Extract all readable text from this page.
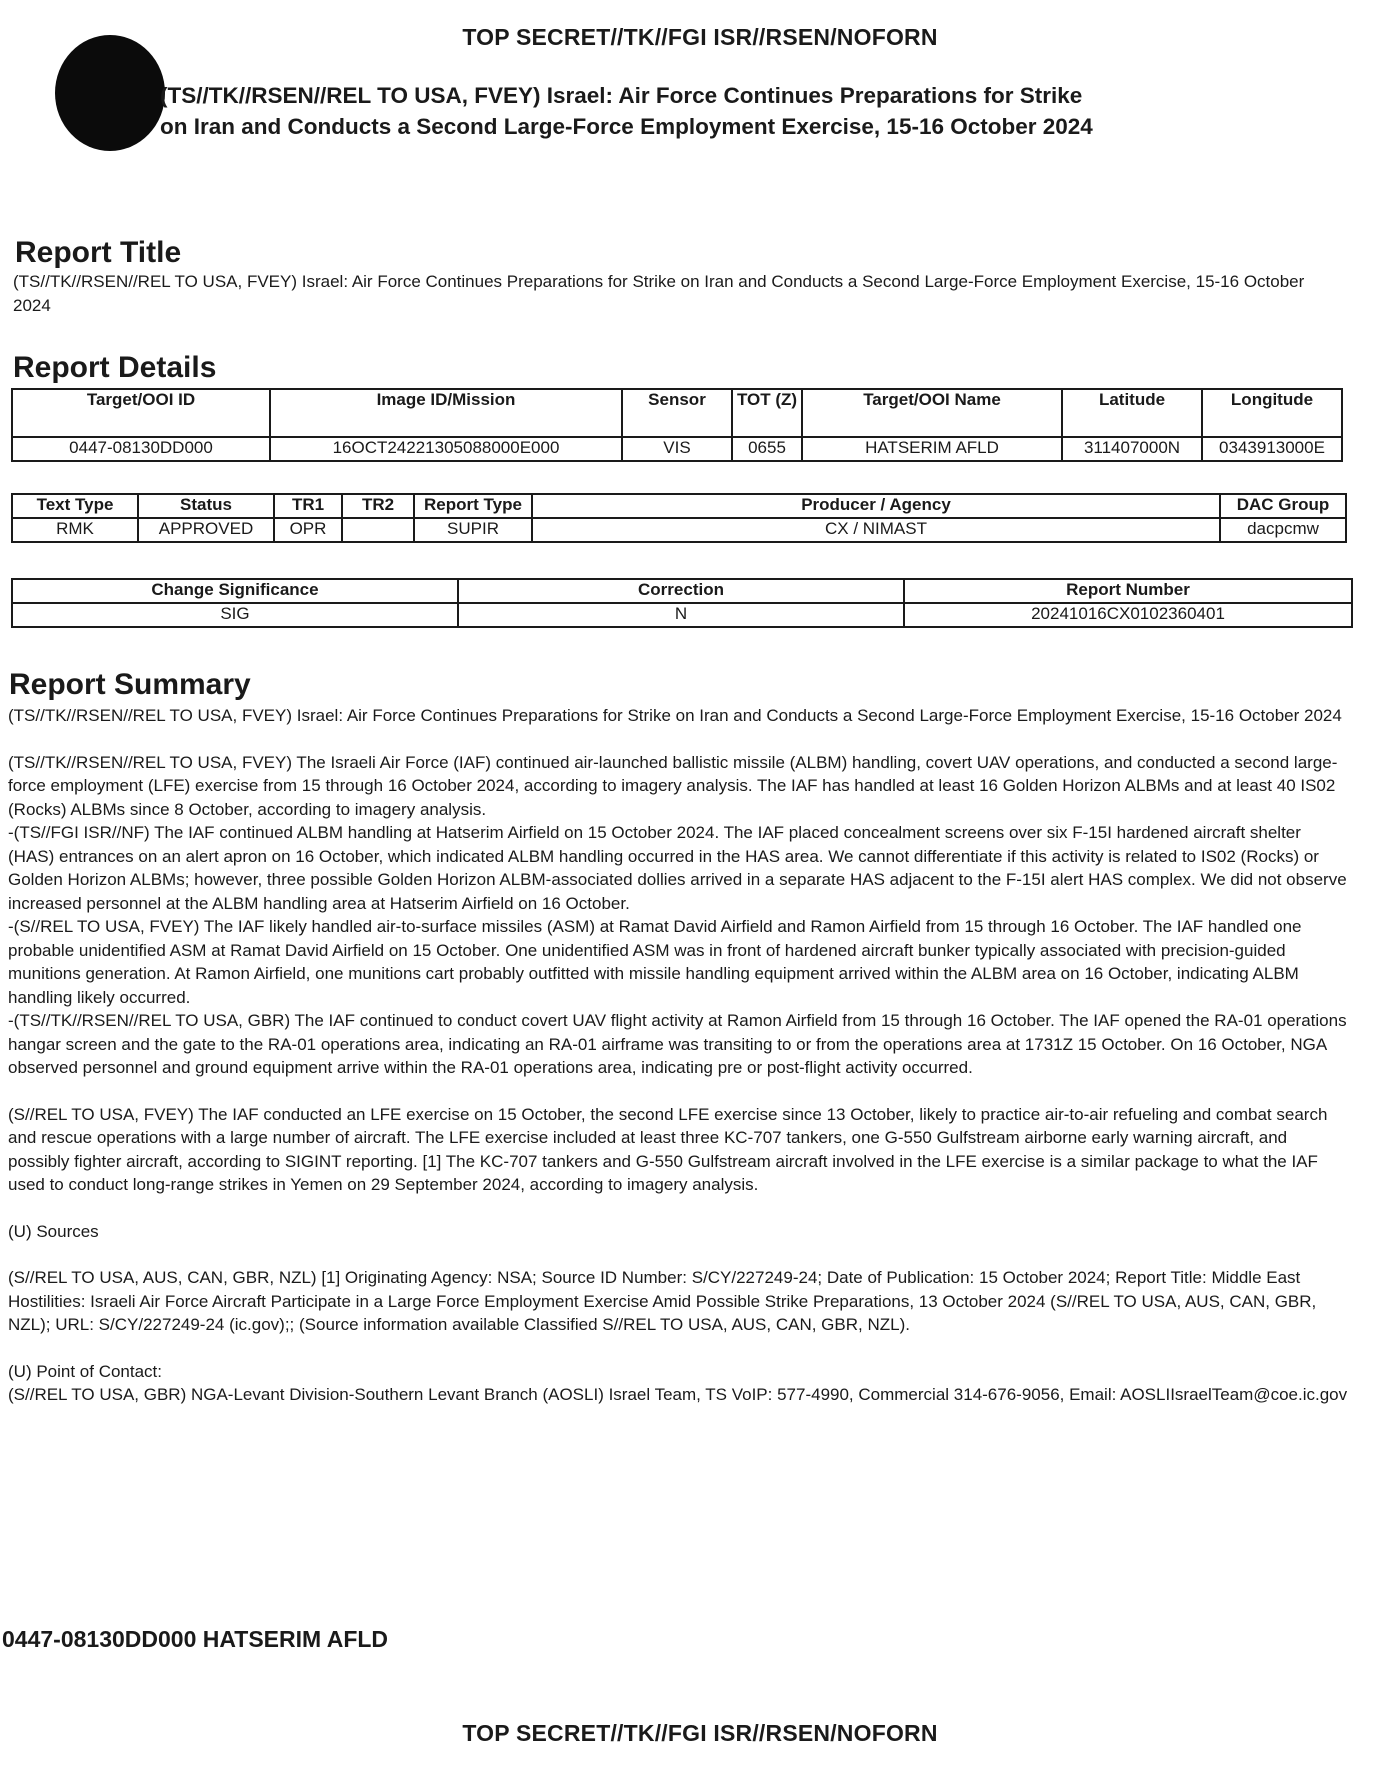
TOP SECRET//TK//FGI ISR//RSEN/NOFORN
(TS//TK//RSEN//REL TO USA, FVEY) Israel: Air Force Continues Preparations for Strike
on Iran and Conducts a Second Large-Force Employment Exercise, 15-16 October 2024
Report Title
(TS//TK//RSEN//REL TO USA, FVEY) Israel: Air Force Continues Preparations for Strike on Iran and Conducts a Second Large-Force Employment Exercise, 15-16 October 2024
Report Details
Target/OOI ID	Image ID/Mission	Sensor	TOT (Z)	Target/OOI Name	Latitude	Longitude
0447-08130DD000	16OCT24221305088000E000	VIS	0655	HATSERIM AFLD	311407000N	0343913000E
Text Type	Status	TR1	TR2	Report Type	Producer / Agency	DAC Group
RMK	APPROVED	OPR		SUPIR	CX / NIMAST	dacpcmw
Change Significance	Correction	Report Number
SIG	N	20241016CX0102360401
Report Summary
(TS//TK//RSEN//REL TO USA, FVEY) Israel: Air Force Continues Preparations for Strike on Iran and Conducts a Second Large-Force Employment Exercise, 15-16 October 2024
(TS//TK//RSEN//REL TO USA, FVEY) The Israeli Air Force (IAF) continued air-launched ballistic missile (ALBM) handling, covert UAV operations, and conducted a second large-force employment (LFE) exercise from 15 through 16 October 2024, according to imagery analysis. The IAF has handled at least 16 Golden Horizon ALBMs and at least 40 IS02 (Rocks) ALBMs since 8 October, according to imagery analysis.
-(TS//FGI ISR//NF) The IAF continued ALBM handling at Hatserim Airfield on 15 October 2024. The IAF placed concealment screens over six F-15I hardened aircraft shelter (HAS) entrances on an alert apron on 16 October, which indicated ALBM handling occurred in the HAS area. We cannot differentiate if this activity is related to IS02 (Rocks) or Golden Horizon ALBMs; however, three possible Golden Horizon ALBM-associated dollies arrived in a separate HAS adjacent to the F-15I alert HAS complex. We did not observe increased personnel at the ALBM handling area at Hatserim Airfield on 16 October.
-(S//REL TO USA, FVEY) The IAF likely handled air-to-surface missiles (ASM) at Ramat David Airfield and Ramon Airfield from 15 through 16 October. The IAF handled one probable unidentified ASM at Ramat David Airfield on 15 October. One unidentified ASM was in front of hardened aircraft bunker typically associated with precision-guided munitions generation. At Ramon Airfield, one munitions cart probably outfitted with missile handling equipment arrived within the ALBM area on 16 October, indicating ALBM handling likely occurred.
-(TS//TK//RSEN//REL TO USA, GBR) The IAF continued to conduct covert UAV flight activity at Ramon Airfield from 15 through 16 October. The IAF opened the RA-01 operations hangar screen and the gate to the RA-01 operations area, indicating an RA-01 airframe was transiting to or from the operations area at 1731Z 15 October. On 16 October, NGA observed personnel and ground equipment arrive within the RA-01 operations area, indicating pre or post-flight activity occurred.
(S//REL TO USA, FVEY) The IAF conducted an LFE exercise on 15 October, the second LFE exercise since 13 October, likely to practice air-to-air refueling and combat search and rescue operations with a large number of aircraft. The LFE exercise included at least three KC-707 tankers, one G-550 Gulfstream airborne early warning aircraft, and possibly fighter aircraft, according to SIGINT reporting. [1] The KC-707 tankers and G-550 Gulfstream aircraft involved in the LFE exercise is a similar package to what the IAF used to conduct long-range strikes in Yemen on 29 September 2024, according to imagery analysis.
(U) Sources
(S//REL TO USA, AUS, CAN, GBR, NZL) [1] Originating Agency: NSA; Source ID Number: S/CY/227249-24; Date of Publication: 15 October 2024; Report Title: Middle East Hostilities: Israeli Air Force Aircraft Participate in a Large Force Employment Exercise Amid Possible Strike Preparations, 13 October 2024 (S//REL TO USA, AUS, CAN, GBR, NZL); URL: S/CY/227249-24 (ic.gov);; (Source information available Classified S//REL TO USA, AUS, CAN, GBR, NZL).
(U) Point of Contact:
(S//REL TO USA, GBR) NGA-Levant Division-Southern Levant Branch (AOSLI) Israel Team, TS VoIP: 577-4990, Commercial 314-676-9056, Email: AOSLIIsraelTeam@coe.ic.gov
0447-08130DD000 HATSERIM AFLD
TOP SECRET//TK//FGI ISR//RSEN/NOFORN
